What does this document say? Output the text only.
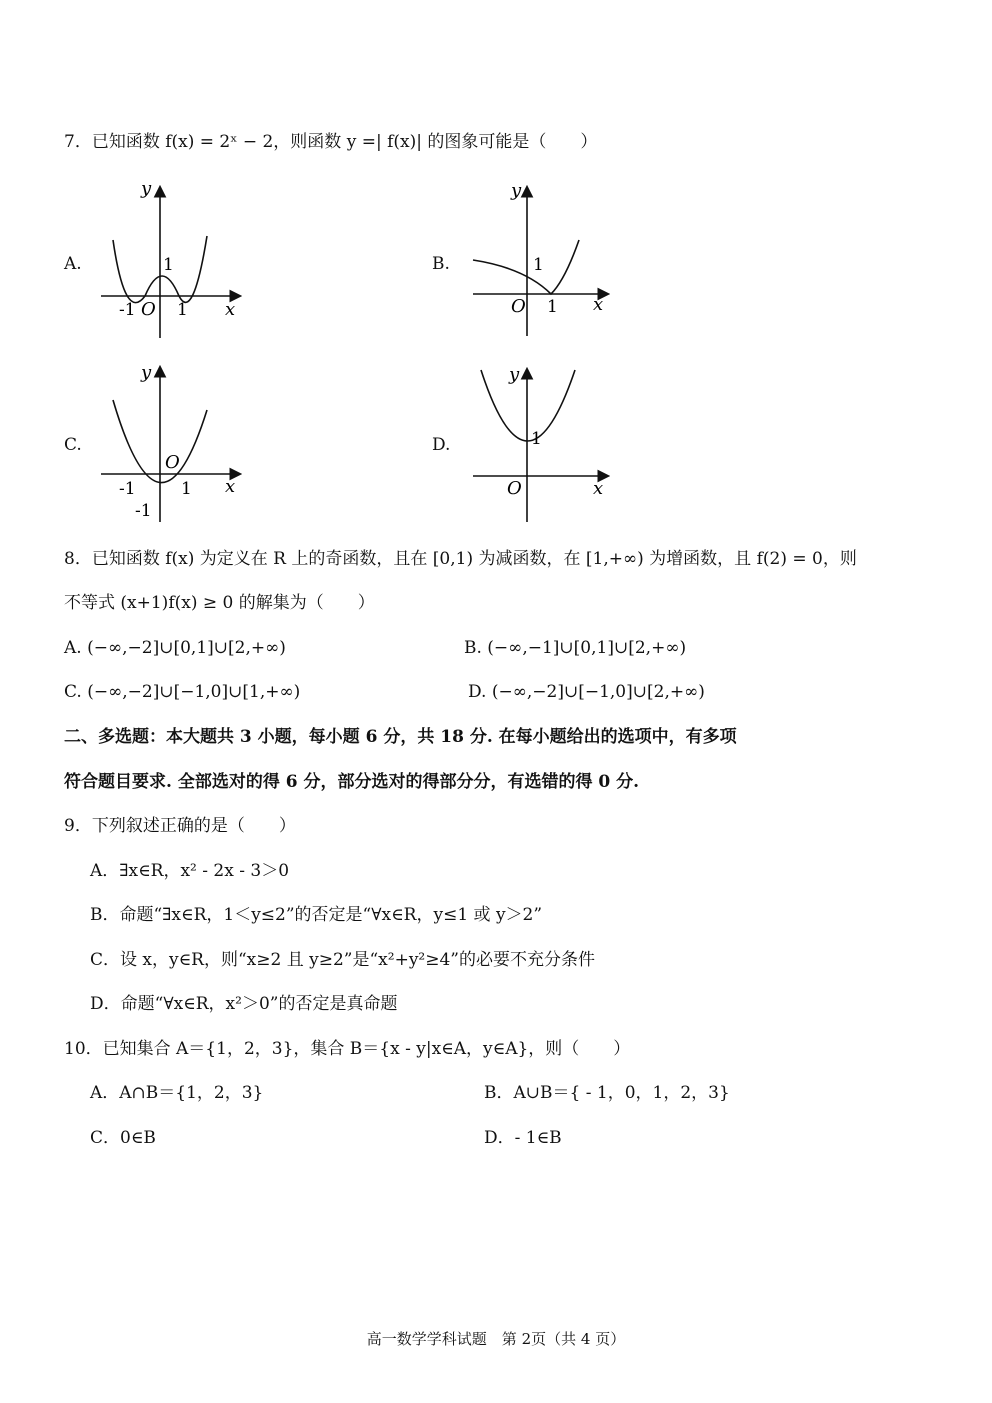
7．已知函数 f(x) = 2ˣ − 2，则函数 y =| f(x)| 的图象可能是（　　）
A.	B.
C.	D.
y
x
O
-1 1
1
y
x
O 1
1
y
x
O
-1	1
-1
y
x
O
1
8．已知函数 f(x) 为定义在 R 上的奇函数，且在 [0,1) 为减函数，在 [1,+∞) 为增函数，且 f(2) = 0，则
不等式 (x+1)f(x) ≥ 0 的解集为（　　）
A. (−∞,−2]∪[0,1]∪[2,+∞)	B. (−∞,−1]∪[0,1]∪[2,+∞)
C. (−∞,−2]∪[−1,0]∪[1,+∞)	D. (−∞,−2]∪[−1,0]∪[2,+∞)
二、多选题：本大题共 3 小题，每小题 6 分，共 18 分. 在每小题给出的选项中，有多项
符合题目要求. 全部选对的得 6 分，部分选对的得部分分，有选错的得 0 分.
9．下列叙述正确的是（　　）
A．∃x∈R，x² - 2x - 3＞0
B．命题“∃x∈R，1＜y≤2”的否定是“∀x∈R，y≤1 或 y＞2”
C．设 x，y∈R，则“x≥2 且 y≥2”是“x²+y²≥4”的必要不充分条件
D．命题“∀x∈R，x²＞0”的否定是真命题
10．已知集合 A＝{1，2，3}，集合 B＝{x - y|x∈A，y∈A}，则（　　）
A．A∩B＝{1，2，3}	B．A∪B＝{ - 1，0，1，2，3}
C．0∈B	D．- 1∈B
高一数学学科试题　第 2页（共 4 页）
